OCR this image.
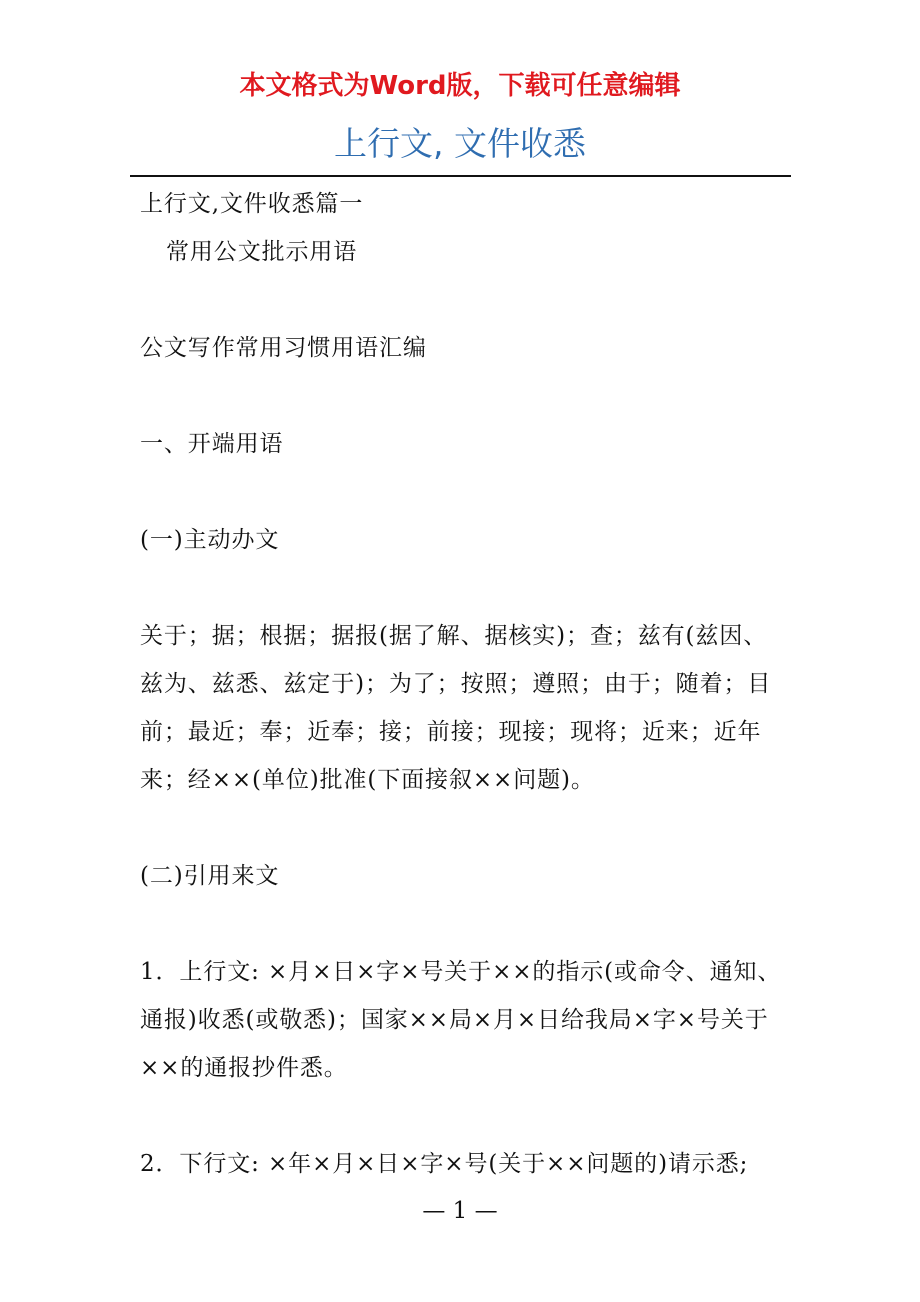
本文格式为Word版，下载可任意编辑
上行文, 文件收悉

上行文,文件收悉篇一

常用公文批示用语

公文写作常用习惯用语汇编

一、开端用语

(一)主动办文

关于；据；根据；据报(据了解、据核实)；查；兹有(兹因、兹为、兹悉、兹定于)；为了；按照；遵照；由于；随着；目前；最近；奉；近奉；接；前接；现接；现将；近来；近年来；经××(单位)批准(下面接叙××问题)。

(二)引用来文

1．上行文: ×月×日×字×号关于××的指示(或命令、通知、通报)收悉(或敬悉)；国家××局×月×日给我局×字×号关于××的通报抄件悉。

2．下行文: ×年×月×日×字×号(关于××问题的)请示悉;

— 1 —
